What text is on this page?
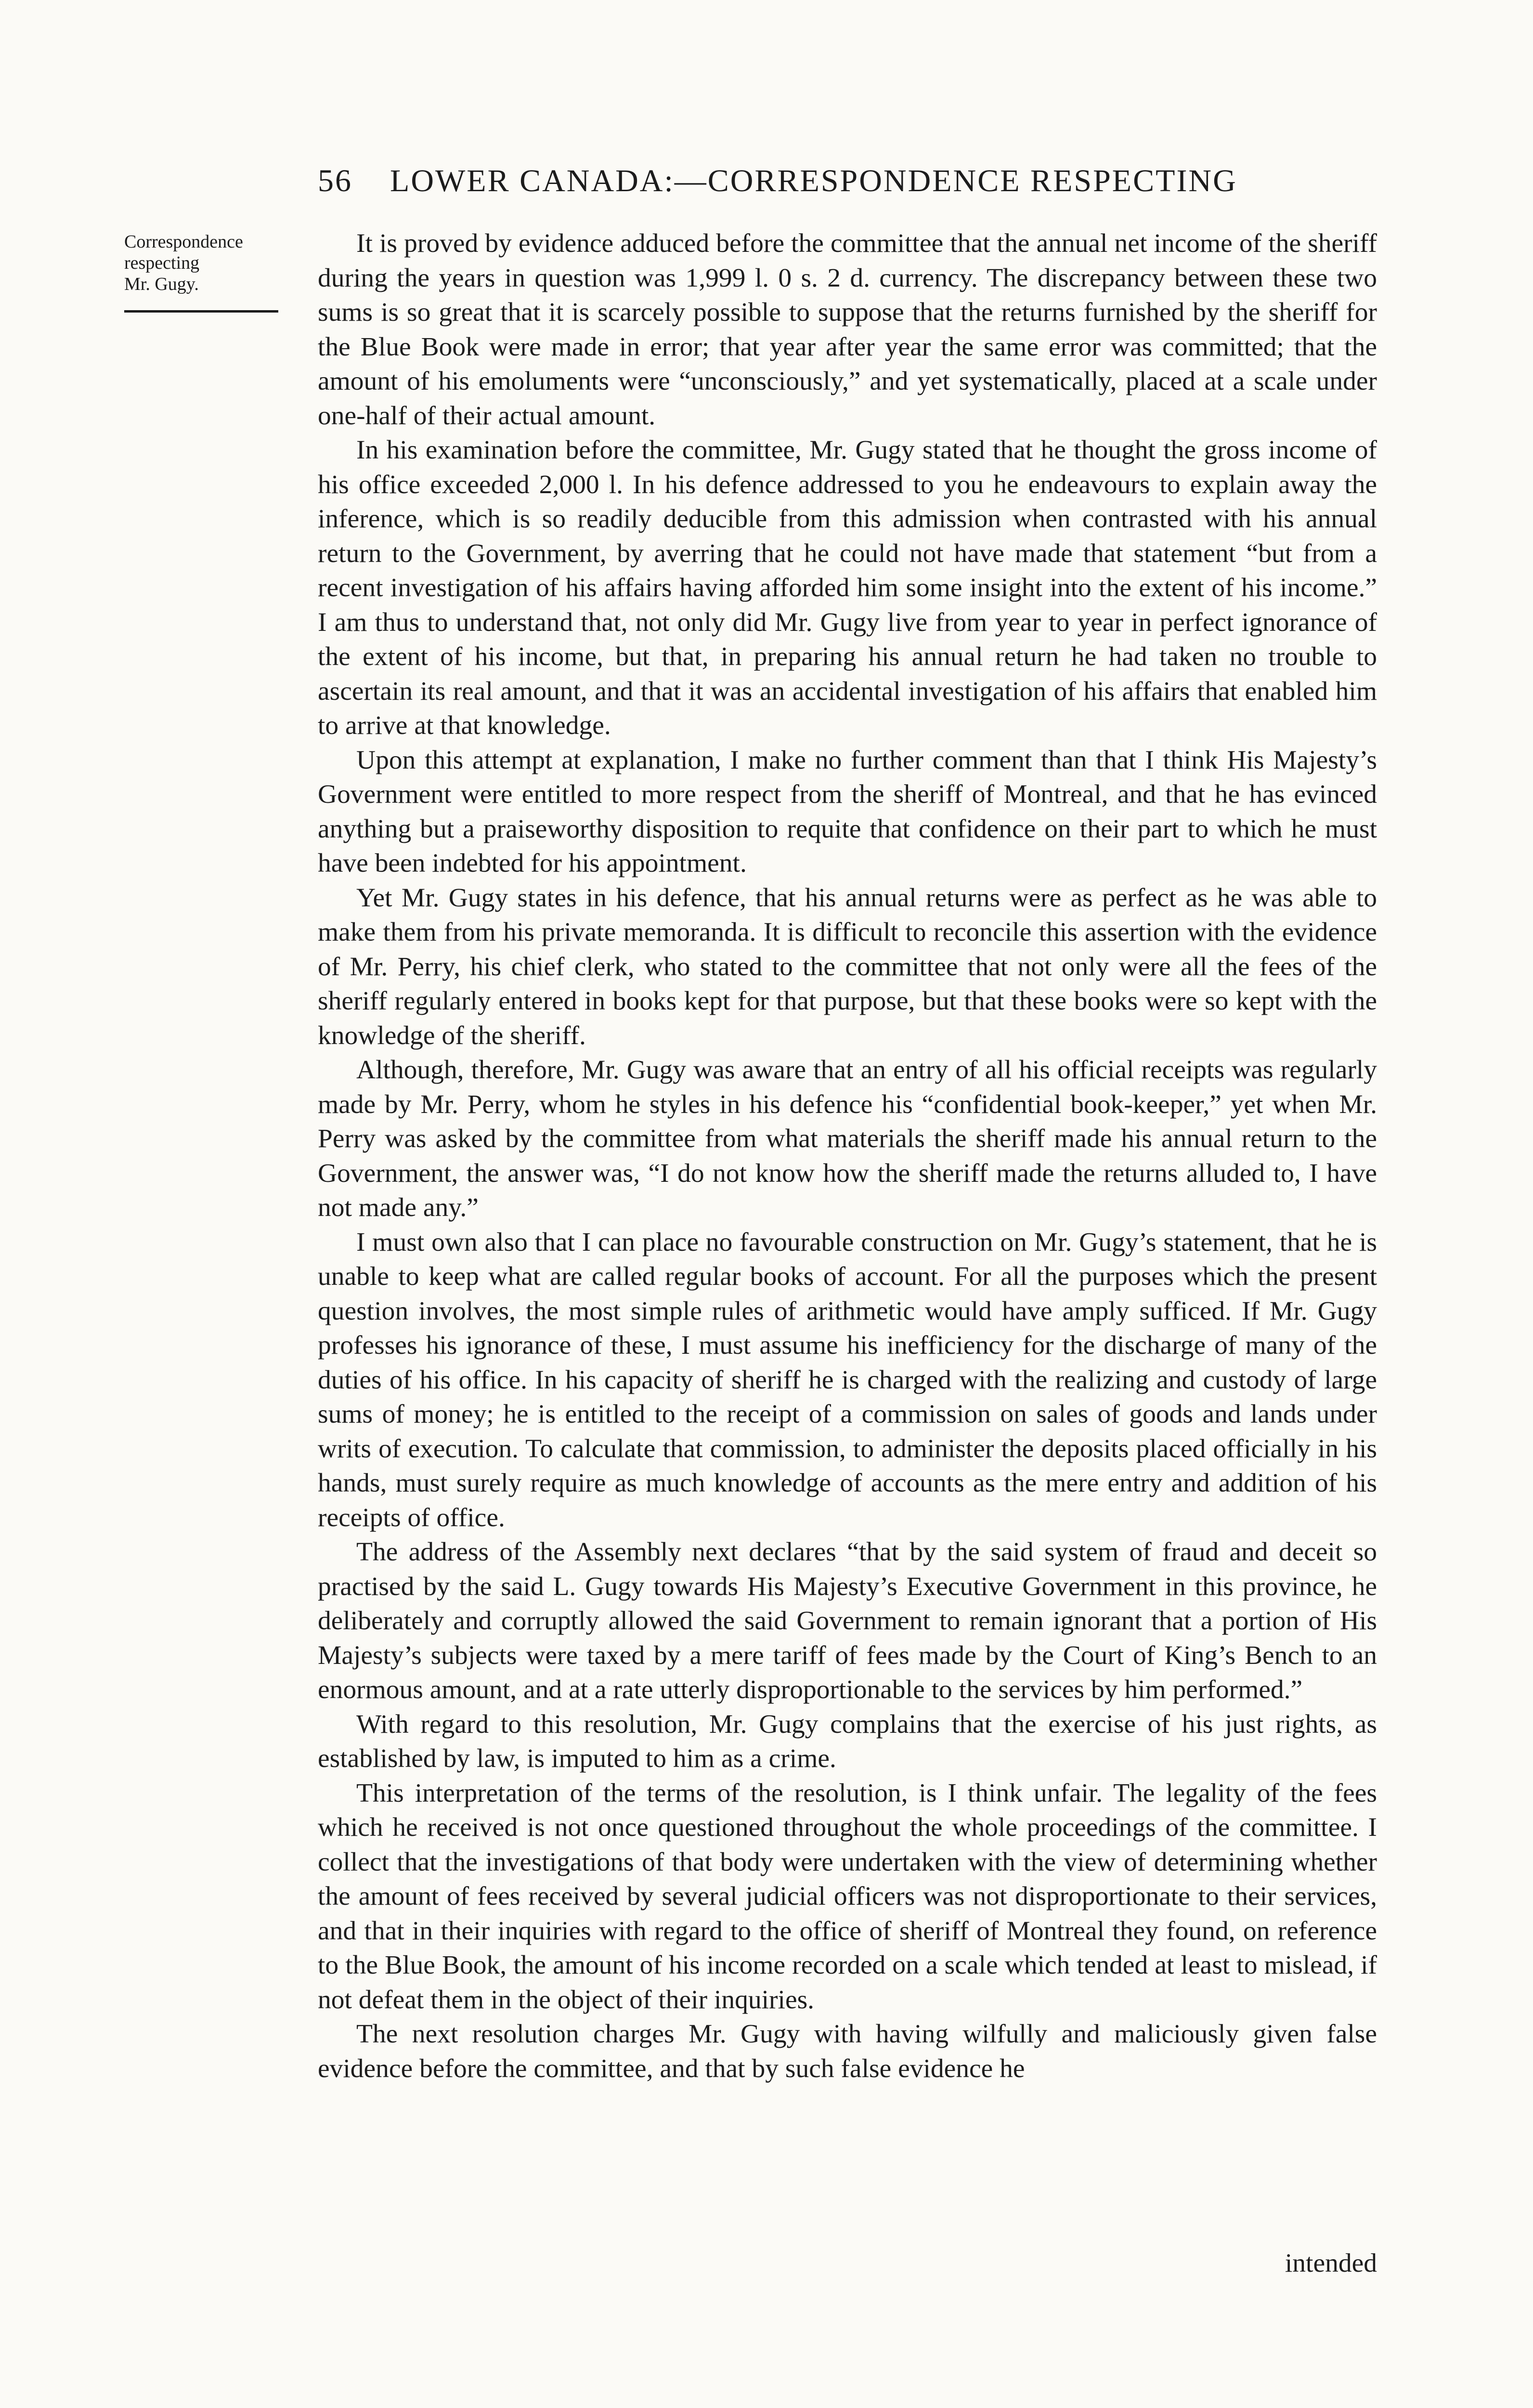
56 LOWER CANADA:—CORRESPONDENCE RESPECTING
Correspondence
respecting
Mr. Gugy.

It is proved by evidence adduced before the committee that the annual net income of the sheriff during the years in question was 1,999 l. 0 s. 2 d. currency. The discrepancy between these two sums is so great that it is scarcely possible to suppose that the returns furnished by the sheriff for the Blue Book were made in error; that year after year the same error was committed; that the amount of his emoluments were “unconsciously,” and yet systematically, placed at a scale under one-half of their actual amount.

In his examination before the committee, Mr. Gugy stated that he thought the gross income of his office exceeded 2,000 l. In his defence addressed to you he endeavours to explain away the inference, which is so readily deducible from this admission when contrasted with his annual return to the Government, by averring that he could not have made that statement “but from a recent investigation of his affairs having afforded him some insight into the extent of his income.” I am thus to understand that, not only did Mr. Gugy live from year to year in perfect ignorance of the extent of his income, but that, in preparing his annual return he had taken no trouble to ascertain its real amount, and that it was an accidental investigation of his affairs that enabled him to arrive at that knowledge.

Upon this attempt at explanation, I make no further comment than that I think His Majesty’s Government were entitled to more respect from the sheriff of Montreal, and that he has evinced anything but a praiseworthy disposition to requite that confidence on their part to which he must have been indebted for his appointment.

Yet Mr. Gugy states in his defence, that his annual returns were as perfect as he was able to make them from his private memoranda. It is difficult to reconcile this assertion with the evidence of Mr. Perry, his chief clerk, who stated to the committee that not only were all the fees of the sheriff regularly entered in books kept for that purpose, but that these books were so kept with the knowledge of the sheriff.

Although, therefore, Mr. Gugy was aware that an entry of all his official receipts was regularly made by Mr. Perry, whom he styles in his defence his “confidential book-keeper,” yet when Mr. Perry was asked by the committee from what materials the sheriff made his annual return to the Government, the answer was, “I do not know how the sheriff made the returns alluded to, I have not made any.”

I must own also that I can place no favourable construction on Mr. Gugy’s statement, that he is unable to keep what are called regular books of account. For all the purposes which the present question involves, the most simple rules of arithmetic would have amply sufficed. If Mr. Gugy professes his ignorance of these, I must assume his inefficiency for the discharge of many of the duties of his office. In his capacity of sheriff he is charged with the realizing and custody of large sums of money; he is entitled to the receipt of a commission on sales of goods and lands under writs of execution. To calculate that commission, to administer the deposits placed officially in his hands, must surely require as much knowledge of accounts as the mere entry and addition of his receipts of office.

The address of the Assembly next declares “that by the said system of fraud and deceit so practised by the said L. Gugy towards His Majesty’s Executive Government in this province, he deliberately and corruptly allowed the said Government to remain ignorant that a portion of His Majesty’s subjects were taxed by a mere tariff of fees made by the Court of King’s Bench to an enormous amount, and at a rate utterly disproportionable to the services by him performed.”

With regard to this resolution, Mr. Gugy complains that the exercise of his just rights, as established by law, is imputed to him as a crime.

This interpretation of the terms of the resolution, is I think unfair. The legality of the fees which he received is not once questioned throughout the whole proceedings of the committee. I collect that the investigations of that body were undertaken with the view of determining whether the amount of fees received by several judicial officers was not disproportionate to their services, and that in their inquiries with regard to the office of sheriff of Montreal they found, on reference to the Blue Book, the amount of his income recorded on a scale which tended at least to mislead, if not defeat them in the object of their inquiries.

The next resolution charges Mr. Gugy with having wilfully and maliciously given false evidence before the committee, and that by such false evidence he

intended
